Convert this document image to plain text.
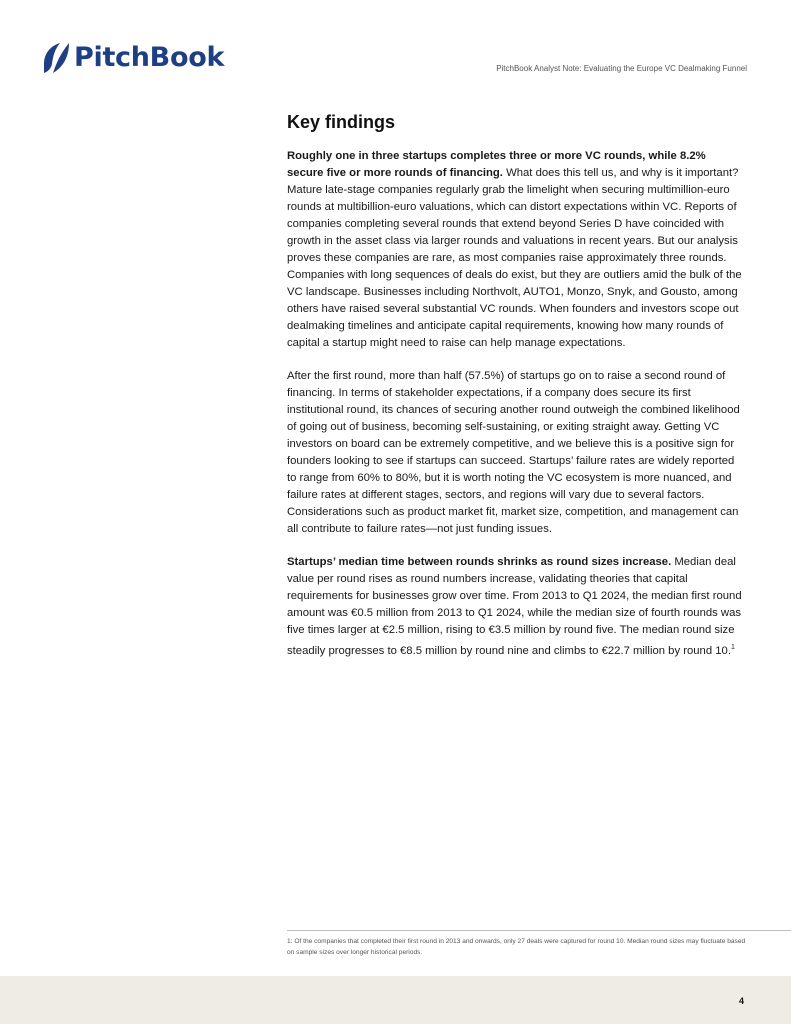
PitchBook	PitchBook Analyst Note: Evaluating the Europe VC Dealmaking Funnel
Key findings

Roughly one in three startups completes three or more VC rounds, while 8.2% secure five or more rounds of financing. What does this tell us, and why is it important? Mature late-stage companies regularly grab the limelight when securing multimillion-euro rounds at multibillion-euro valuations, which can distort expectations within VC. Reports of companies completing several rounds that extend beyond Series D have coincided with growth in the asset class via larger rounds and valuations in recent years. But our analysis proves these companies are rare, as most companies raise approximately three rounds. Companies with long sequences of deals do exist, but they are outliers amid the bulk of the VC landscape. Businesses including Northvolt, AUTO1, Monzo, Snyk, and Gousto, among others have raised several substantial VC rounds. When founders and investors scope out dealmaking timelines and anticipate capital requirements, knowing how many rounds of capital a startup might need to raise can help manage expectations.

After the first round, more than half (57.5%) of startups go on to raise a second round of financing. In terms of stakeholder expectations, if a company does secure its first institutional round, its chances of securing another round outweigh the combined likelihood of going out of business, becoming self-sustaining, or exiting straight away. Getting VC investors on board can be extremely competitive, and we believe this is a positive sign for founders looking to see if startups can succeed. Startups’ failure rates are widely reported to range from 60% to 80%, but it is worth noting the VC ecosystem is more nuanced, and failure rates at different stages, sectors, and regions will vary due to several factors. Considerations such as product market fit, market size, competition, and management can all contribute to failure rates—not just funding issues.

Startups’ median time between rounds shrinks as round sizes increase. Median deal value per round rises as round numbers increase, validating theories that capital requirements for businesses grow over time. From 2013 to Q1 2024, the median first round amount was €0.5 million from 2013 to Q1 2024, while the median size of fourth rounds was five times larger at €2.5 million, rising to €3.5 million by round five. The median round size steadily progresses to €8.5 million by round nine and climbs to €22.7 million by round 10.$^1$

1: Of the companies that completed their first round in 2013 and onwards, only 27 deals were captured for round 10. Median round sizes may fluctuate based on sample sizes over longer historical periods.
4
